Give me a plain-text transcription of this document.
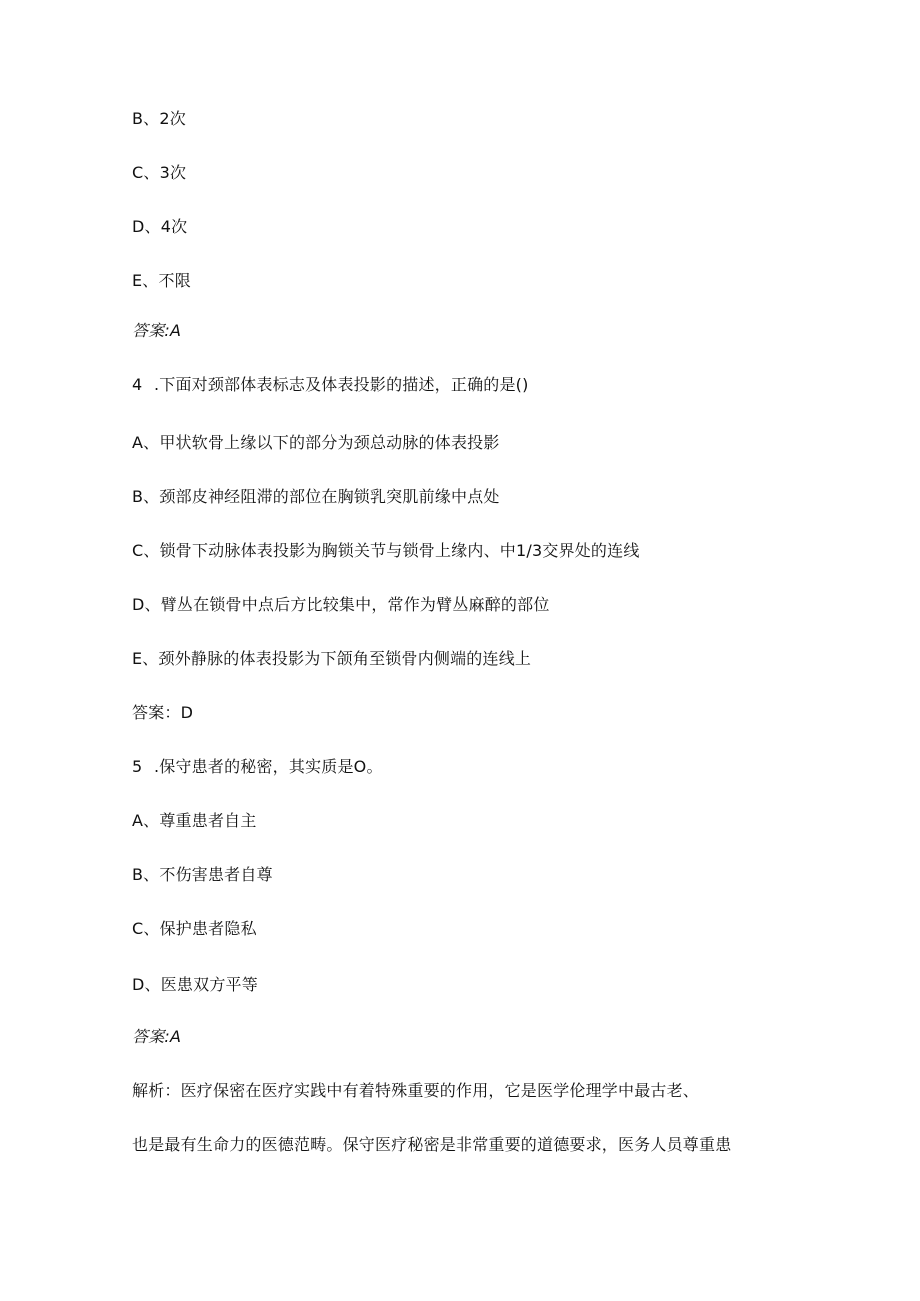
B、2次
C、3次
D、4次
E、不限
答案:A
4 .下面对颈部体表标志及体表投影的描述，正确的是()
A、甲状软骨上缘以下的部分为颈总动脉的体表投影
B、颈部皮神经阻滞的部位在胸锁乳突肌前缘中点处
C、锁骨下动脉体表投影为胸锁关节与锁骨上缘内、中1/3交界处的连线
D、臂丛在锁骨中点后方比较集中，常作为臂丛麻醉的部位
E、颈外静脉的体表投影为下颌角至锁骨内侧端的连线上
答案：D
5 .保守患者的秘密，其实质是O。
A、尊重患者自主
B、不伤害患者自尊
C、保护患者隐私
D、医患双方平等
答案:A
解析：医疗保密在医疗实践中有着特殊重要的作用，它是医学伦理学中最古老、
也是最有生命力的医德范畴。保守医疗秘密是非常重要的道德要求，医务人员尊重患
